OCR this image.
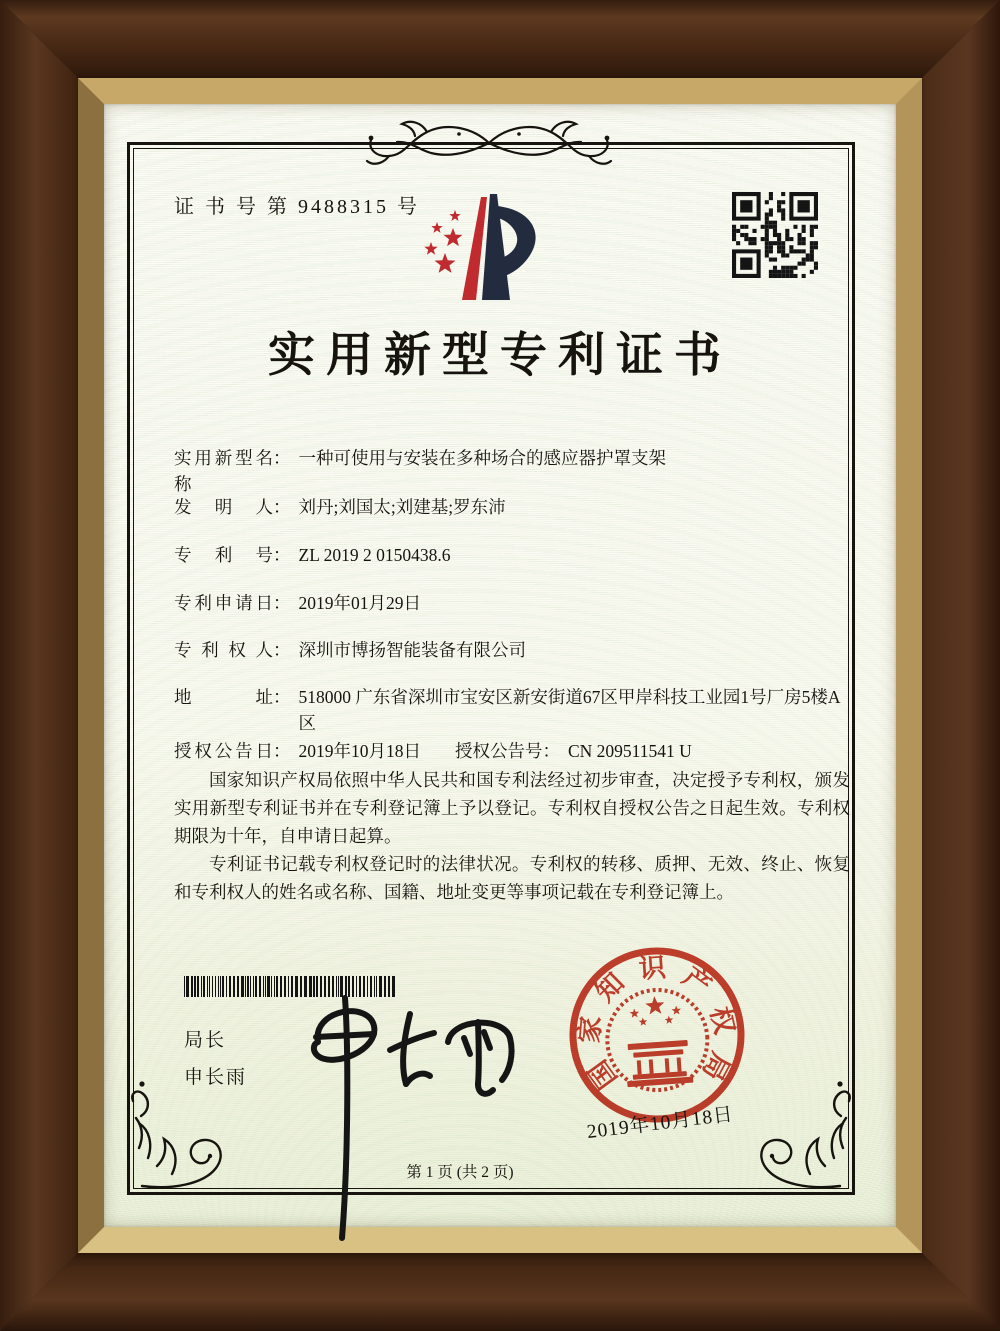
证 书 号 第 9488315 号
实用新型专利证书
实用新型名称
： 一种可使用与安装在多种场合的感应器护罩支架
发明人 ： 刘丹;刘国太;刘建基;罗东沛
专利号 ： ZL 2019 2 0150438.6
专利申请日 ： 2019年01月29日
专利权人 ： 深圳市博扬智能装备有限公司
地址 ： 518000 广东省深圳市宝安区新安街道67区甲岸科技工业园1号厂房5楼A区
授权公告日 ： 2019年10月18日 授权公告号 ： CN 209511541 U

国家知识产权局依照中华人民共和国专利法经过初步审查，决定授予专利权，颁发实用新型专利证书并在专利登记簿上予以登记。专利权自授权公告之日起生效。专利权期限为十年，自申请日起算。

专利证书记载专利权登记时的法律状况。专利权的转移、质押、无效、终止、恢复和专利权人的姓名或名称、国籍、地址变更等事项记载在专利登记簿上。

局长
申长雨	国
家
知 识 产
权
局
2019年10月18日
第 1 页 (共 2 页)
